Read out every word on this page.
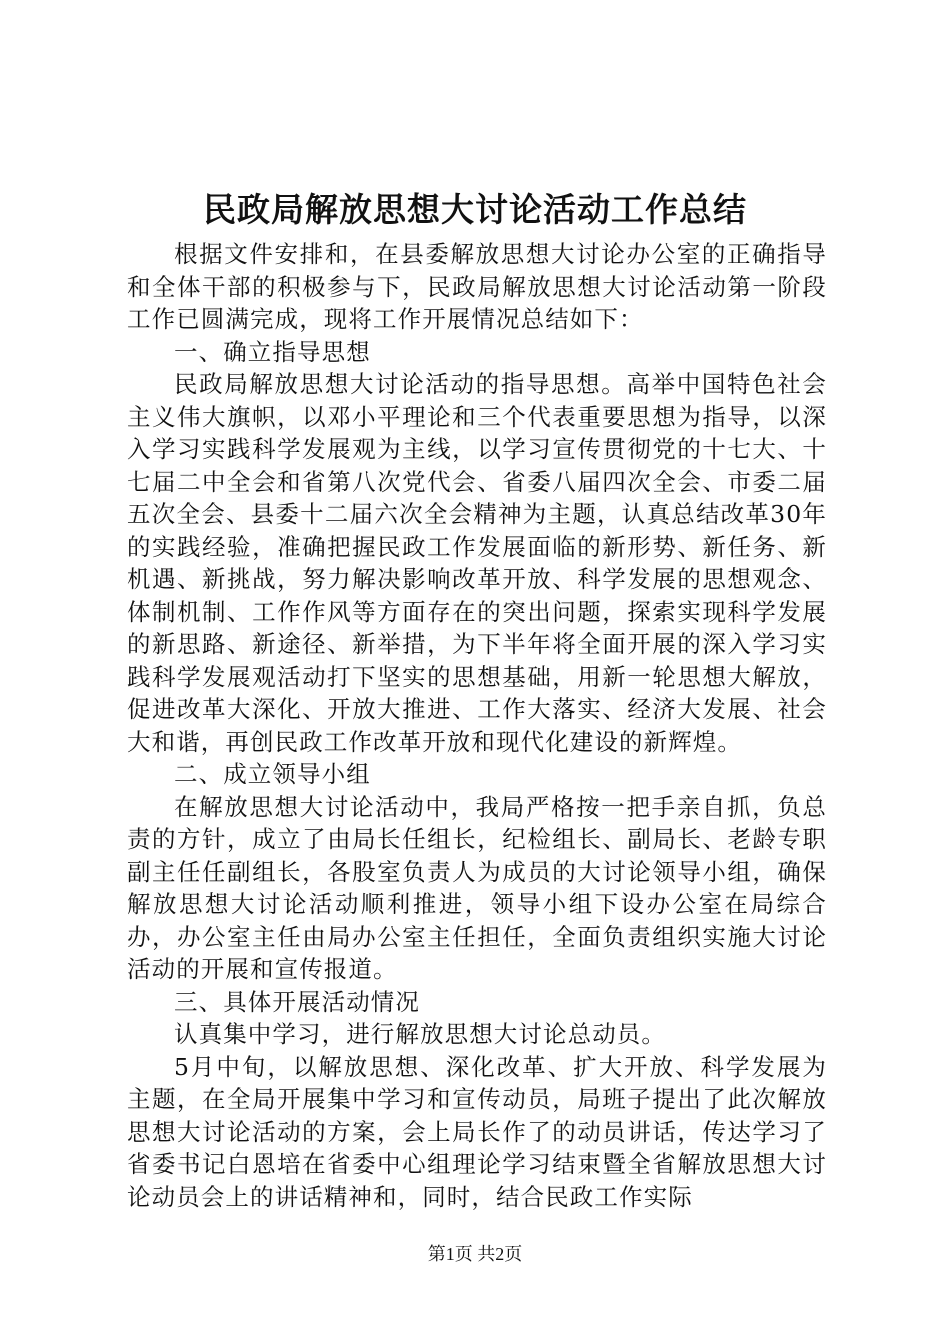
民政局解放思想大讨论活动工作总结

根据文件安排和，在县委解放思想大讨论办公室的正确指导和全体干部的积极参与下，民政局解放思想大讨论活动第一阶段工作已圆满完成，现将工作开展情况总结如下：

一、确立指导思想

民政局解放思想大讨论活动的指导思想。高举中国特色社会主义伟大旗帜，以邓小平理论和三个代表重要思想为指导，以深入学习实践科学发展观为主线，以学习宣传贯彻党的十七大、十七届二中全会和省第八次党代会、省委八届四次全会、市委二届五次全会、县委十二届六次全会精神为主题，认真总结改革30年的实践经验，准确把握民政工作发展面临的新形势、新任务、新机遇、新挑战，努力解决影响改革开放、科学发展的思想观念、体制机制、工作作风等方面存在的突出问题，探索实现科学发展的新思路、新途径、新举措，为下半年将全面开展的深入学习实践科学发展观活动打下坚实的思想基础，用新一轮思想大解放，促进改革大深化、开放大推进、工作大落实、经济大发展、社会大和谐，再创民政工作改革开放和现代化建设的新辉煌。

二、成立领导小组

在解放思想大讨论活动中，我局严格按一把手亲自抓，负总责的方针，成立了由局长任组长，纪检组长、副局长、老龄专职副主任任副组长，各股室负责人为成员的大讨论领导小组，确保解放思想大讨论活动顺利推进，领导小组下设办公室在局综合办，办公室主任由局办公室主任担任，全面负责组织实施大讨论活动的开展和宣传报道。

三、具体开展活动情况

认真集中学习，进行解放思想大讨论总动员。

5月中旬，以解放思想、深化改革、扩大开放、科学发展为主题，在全局开展集中学习和宣传动员，局班子提出了此次解放思想大讨论活动的方案，会上局长作了的动员讲话，传达学习了省委书记白恩培在省委中心组理论学习结束暨全省解放思想大讨论动员会上的讲话精神和，同时，结合民政工作实际

第1页 共2页
